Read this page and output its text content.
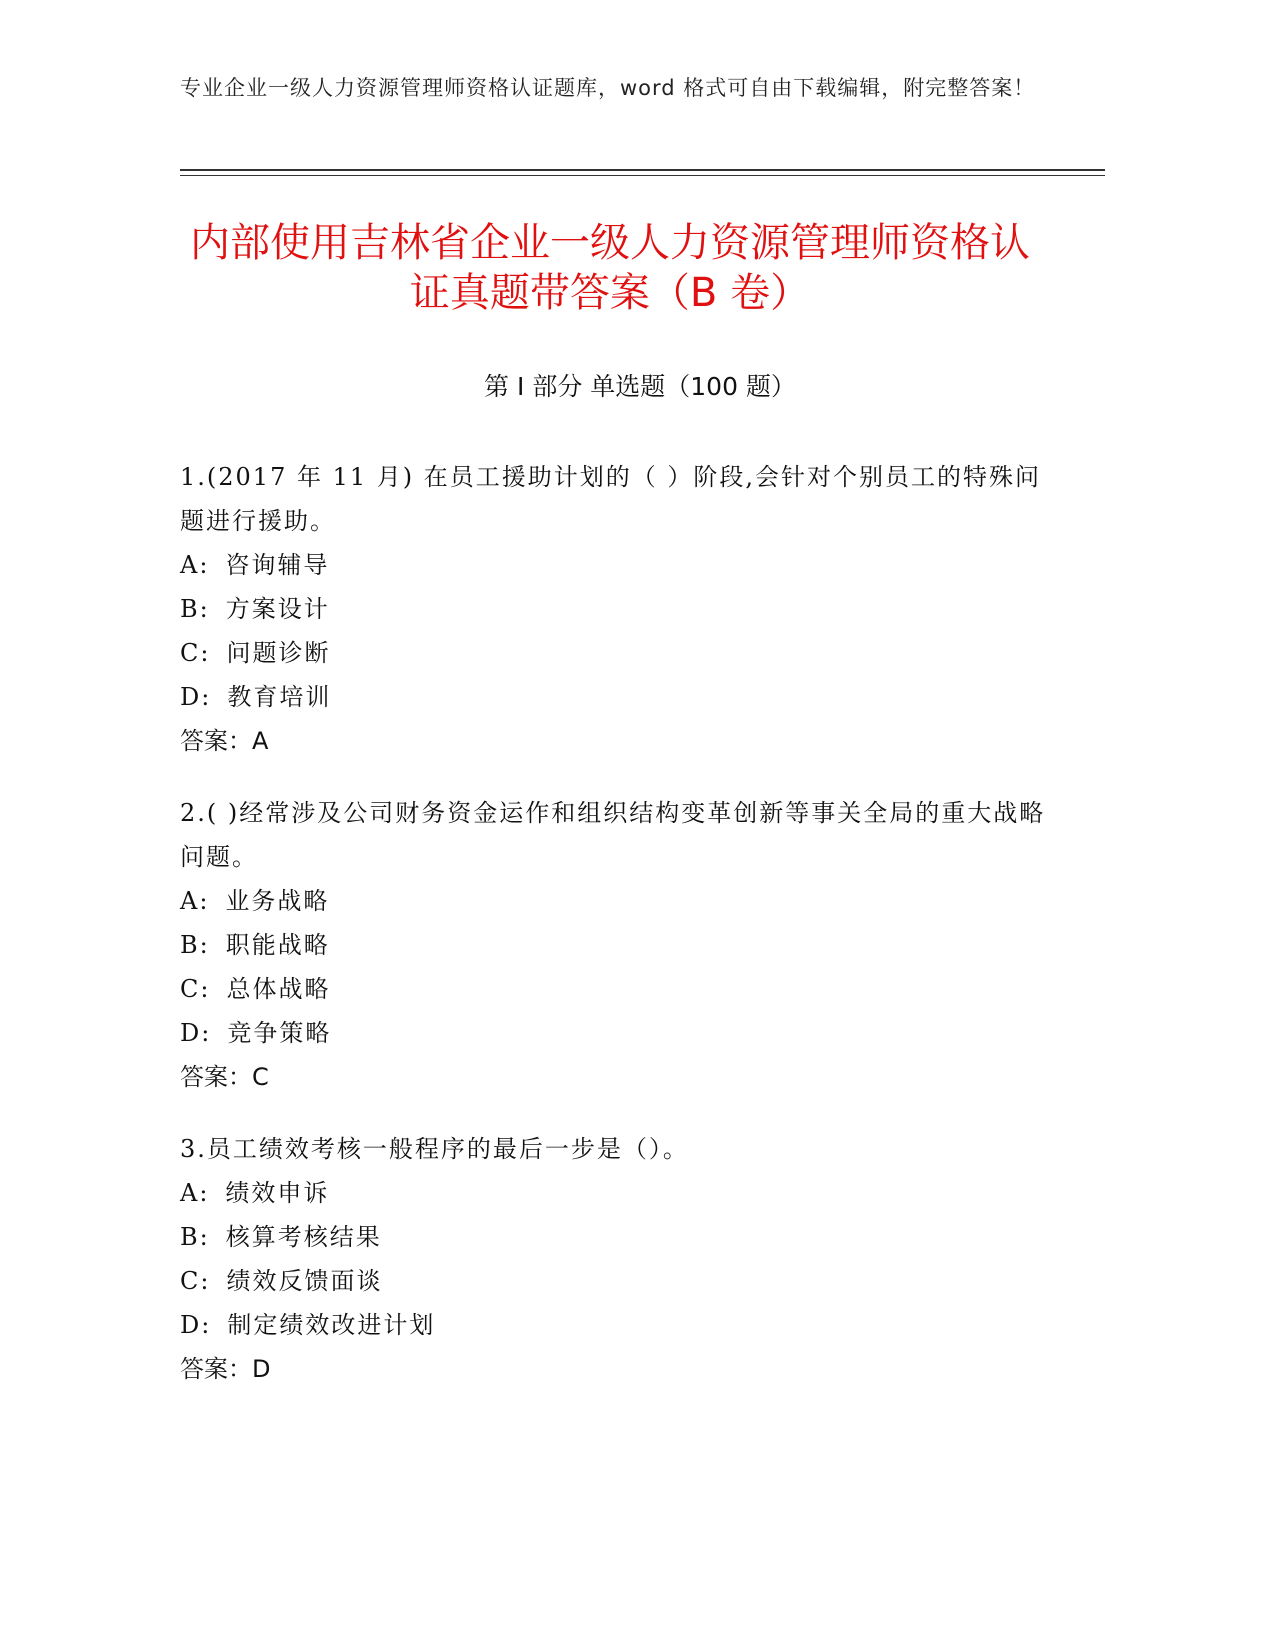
专业企业一级人力资源管理师资格认证题库，word 格式可自由下载编辑，附完整答案！
内部使用吉林省企业一级人力资源管理师资格认证真题带答案（B 卷）
第 I 部分 单选题（100 题）

1.(2017 年 11 月) 在员工援助计划的（ ）阶段,会针对个别员工的特殊问题进行援助。

A: 咨询辅导

B: 方案设计

C: 问题诊断

D: 教育培训

答案：A

2.( )经常涉及公司财务资金运作和组织结构变革创新等事关全局的重大战略问题。

A: 业务战略

B: 职能战略

C: 总体战略

D: 竞争策略

答案：C

3.员工绩效考核一般程序的最后一步是（）。

A: 绩效申诉

B: 核算考核结果

C: 绩效反馈面谈

D: 制定绩效改进计划

答案：D
